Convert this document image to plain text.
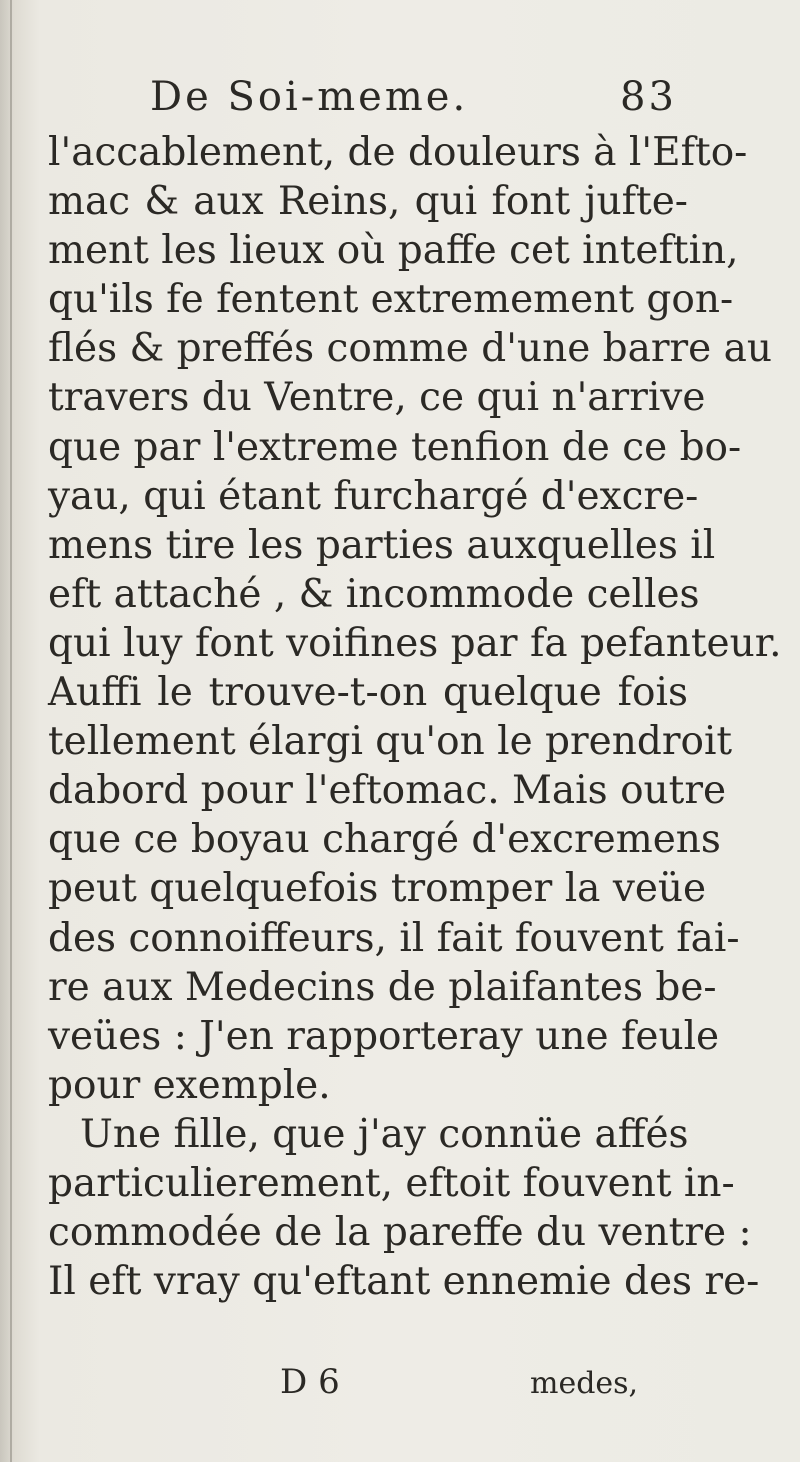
De Soi-meme.	83
l'accablement, de douleurs à l'Efto-
mac & aux Reins, qui font jufte-
ment les lieux où paffe cet inteftin,
qu'ils fe fentent extremement gon-
flés & preffés comme d'une barre au
travers du Ventre, ce qui n'arrive
que par l'extreme tenfion de ce bo-
yau, qui étant furchargé d'excre-
mens tire les parties auxquelles il
eft attaché , & incommode celles
qui luy font voifines par fa pefanteur.
Auffi le trouve-t-on quelque fois
tellement élargi qu'on le prendroit
dabord pour l'eftomac. Mais outre
que ce boyau chargé d'excremens
peut quelquefois tromper la veüe
des connoiffeurs, il fait fouvent fai-
re aux Medecins de plaifantes be-
veües : J'en rapporteray une feule
pour exemple.
Une fille, que j'ay connüe affés
particulierement, eftoit fouvent in-
commodée de la pareffe du ventre :
Il eft vray qu'eftant ennemie des re-
D 6	medes,
